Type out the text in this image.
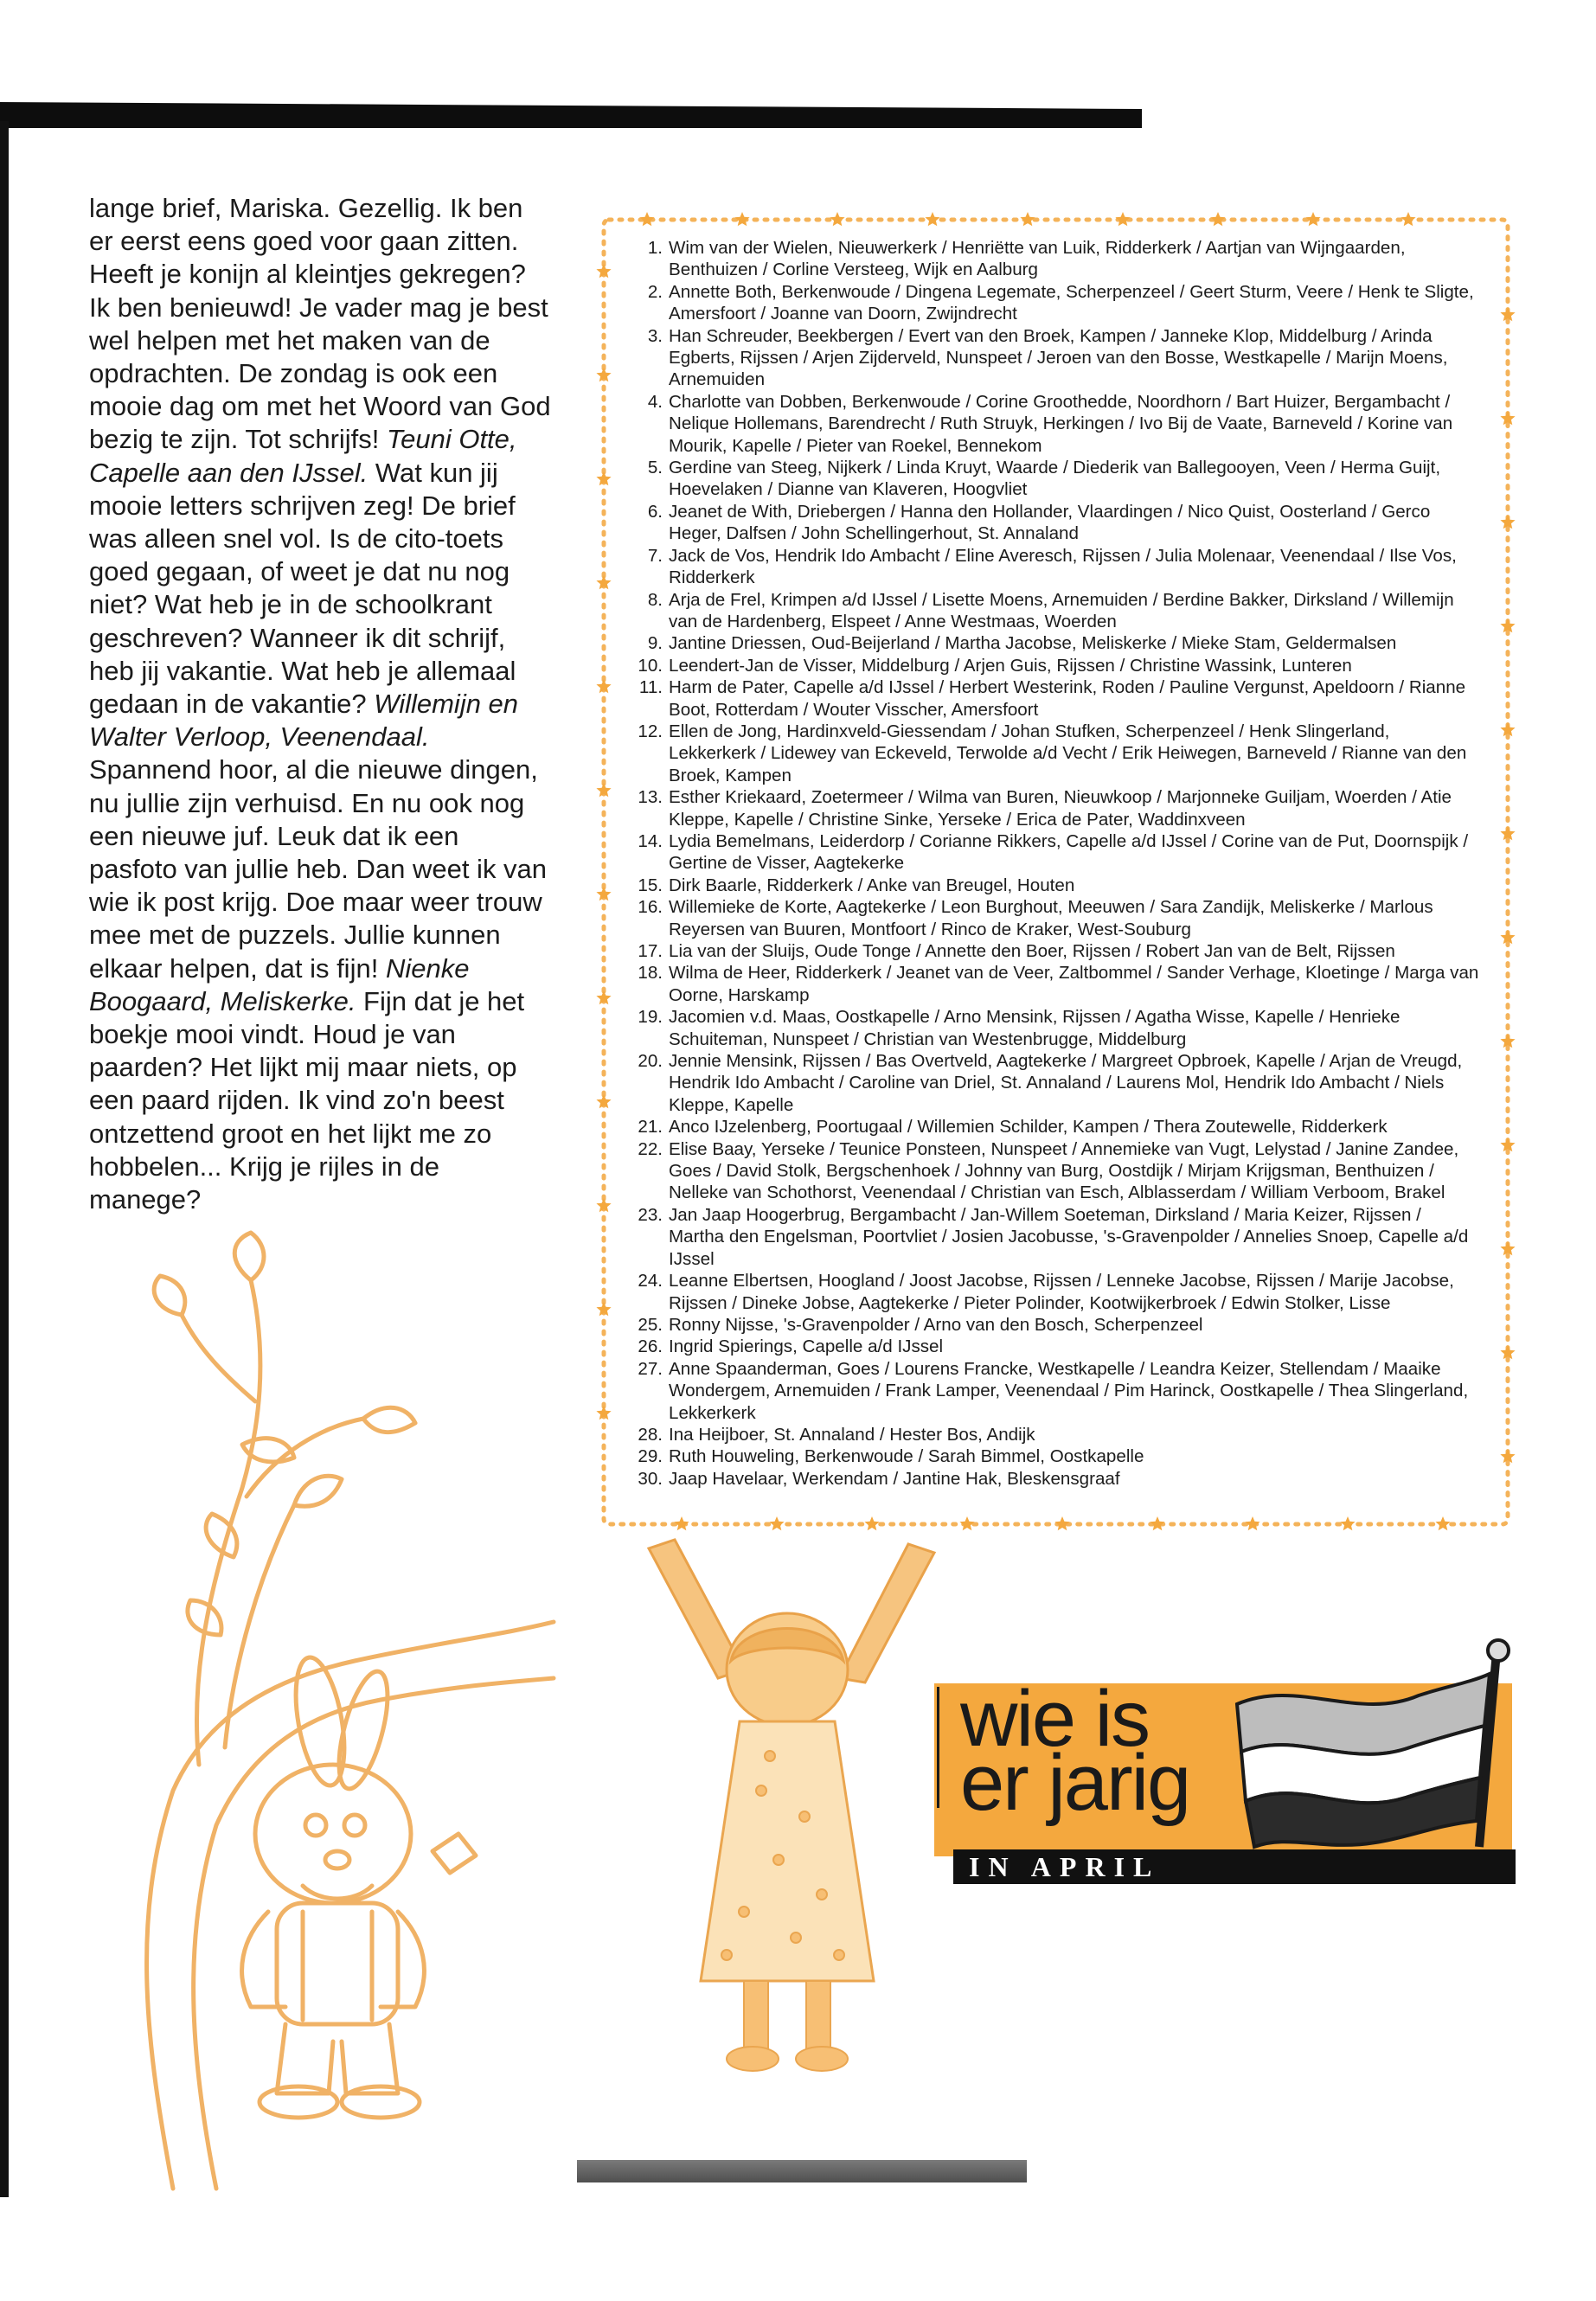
lange brief, Mariska. Gezellig. Ik ben er eerst eens goed voor gaan zitten. Heeft je konijn al kleintjes gekregen? Ik ben benieuwd! Je vader mag je best wel helpen met het maken van de opdrachten. De zondag is ook een mooie dag om met het Woord van God bezig te zijn. Tot schrijfs! Teuni Otte, Capelle aan den IJssel. Wat kun jij mooie letters schrijven zeg! De brief was alleen snel vol. Is de cito-toets goed gegaan, of weet je dat nu nog niet? Wat heb je in de schoolkrant geschreven? Wanneer ik dit schrijf, heb jij vakantie. Wat heb je allemaal gedaan in de vakantie? Willemijn en Walter Verloop, Veenendaal. Spannend hoor, al die nieuwe dingen, nu jullie zijn verhuisd. En nu ook nog een nieuwe juf. Leuk dat ik een pasfoto van jullie heb. Dan weet ik van wie ik post krijg. Doe maar weer trouw mee met de puzzels. Jullie kunnen elkaar helpen, dat is fijn! Nienke Boogaard, Meliskerke. Fijn dat je het boekje mooi vindt. Houd je van paarden? Het lijkt mij maar niets, op een paard rijden. Ik vind zo'n beest ontzettend groot en het lijkt me zo hobbelen... Krijg je rijles in de manege?

1. Wim van der Wielen, Nieuwerkerk / Henriëtte van Luik, Ridderkerk / Aartjan van Wijngaarden, Benthuizen / Corline Versteeg, Wijk en Aalburg
2. Annette Both, Berkenwoude / Dingena Legemate, Scherpenzeel / Geert Sturm, Veere / Henk te Sligte, Amersfoort / Joanne van Doorn, Zwijndrecht
3. Han Schreuder, Beekbergen / Evert van den Broek, Kampen / Janneke Klop, Middelburg / Arinda Egberts, Rijssen / Arjen Zijderveld, Nunspeet / Jeroen van den Bosse, Westkapelle / Marijn Moens, Arnemuiden
4. Charlotte van Dobben, Berkenwoude / Corine Groothedde, Noordhorn / Bart Huizer, Bergambacht / Nelique Hollemans, Barendrecht / Ruth Struyk, Herkingen / Ivo Bij de Vaate, Barneveld / Korine van Mourik, Kapelle / Pieter van Roekel, Bennekom
5. Gerdine van Steeg, Nijkerk / Linda Kruyt, Waarde / Diederik van Ballegooyen, Veen / Herma Guijt, Hoevelaken / Dianne van Klaveren, Hoogvliet
6. Jeanet de With, Driebergen / Hanna den Hollander, Vlaardingen / Nico Quist, Oosterland / Gerco Heger, Dalfsen / John Schellingerhout, St. Annaland
7. Jack de Vos, Hendrik Ido Ambacht / Eline Averesch, Rijssen / Julia Molenaar, Veenendaal / Ilse Vos, Ridderkerk
8. Arja de Frel, Krimpen a/d IJssel / Lisette Moens, Arnemuiden / Berdine Bakker, Dirksland / Willemijn van de Hardenberg, Elspeet / Anne Westmaas, Woerden
9. Jantine Driessen, Oud-Beijerland / Martha Jacobse, Meliskerke / Mieke Stam, Geldermalsen
10. Leendert-Jan de Visser, Middelburg / Arjen Guis, Rijssen / Christine Wassink, Lunteren
11. Harm de Pater, Capelle a/d IJssel / Herbert Westerink, Roden / Pauline Vergunst, Apeldoorn / Rianne Boot, Rotterdam / Wouter Visscher, Amersfoort
12. Ellen de Jong, Hardinxveld-Giessendam / Johan Stufken, Scherpenzeel / Henk Slingerland, Lekkerkerk / Lidewey van Eckeveld, Terwolde a/d Vecht / Erik Heiwegen, Barneveld / Rianne van den Broek, Kampen
13. Esther Kriekaard, Zoetermeer / Wilma van Buren, Nieuwkoop / Marjonneke Guiljam, Woerden / Atie Kleppe, Kapelle / Christine Sinke, Yerseke / Erica de Pater, Waddinxveen
14. Lydia Bemelmans, Leiderdorp / Corianne Rikkers, Capelle a/d IJssel / Corine van de Put, Doornspijk / Gertine de Visser, Aagtekerke
15. Dirk Baarle, Ridderkerk / Anke van Breugel, Houten
16. Willemieke de Korte, Aagtekerke / Leon Burghout, Meeuwen / Sara Zandijk, Meliskerke / Marlous Reyersen van Buuren, Montfoort / Rinco de Kraker, West-Souburg
17. Lia van der Sluijs, Oude Tonge / Annette den Boer, Rijssen / Robert Jan van de Belt, Rijssen
18. Wilma de Heer, Ridderkerk / Jeanet van de Veer, Zaltbommel / Sander Verhage, Kloetinge / Marga van Oorne, Harskamp
19. Jacomien v.d. Maas, Oostkapelle / Arno Mensink, Rijssen / Agatha Wisse, Kapelle / Henrieke Schuiteman, Nunspeet / Christian van Westenbrugge, Middelburg
20. Jennie Mensink, Rijssen / Bas Overtveld, Aagtekerke / Margreet Opbroek, Kapelle / Arjan de Vreugd, Hendrik Ido Ambacht / Caroline van Driel, St. Annaland / Laurens Mol, Hendrik Ido Ambacht / Niels Kleppe, Kapelle
21. Anco IJzelenberg, Poortugaal / Willemien Schilder, Kampen / Thera Zoutewelle, Ridderkerk
22. Elise Baay, Yerseke / Teunice Ponsteen, Nunspeet / Annemieke van Vugt, Lelystad / Janine Zandee, Goes / David Stolk, Bergschenhoek / Johnny van Burg, Oostdijk / Mirjam Krijgsman, Benthuizen / Nelleke van Schothorst, Veenendaal / Christian van Esch, Alblasserdam / William Verboom, Brakel
23. Jan Jaap Hoogerbrug, Bergambacht / Jan-Willem Soeteman, Dirksland / Maria Keizer, Rijssen / Martha den Engelsman, Poortvliet / Josien Jacobusse, 's-Gravenpolder / Annelies Snoep, Capelle a/d IJssel
24. Leanne Elbertsen, Hoogland / Joost Jacobse, Rijssen / Lenneke Jacobse, Rijssen / Marije Jacobse, Rijssen / Dineke Jobse, Aagtekerke / Pieter Polinder, Kootwijkerbroek / Edwin Stolker, Lisse
25. Ronny Nijsse, 's-Gravenpolder / Arno van den Bosch, Scherpenzeel
26. Ingrid Spierings, Capelle a/d IJssel
27. Anne Spaanderman, Goes / Lourens Francke, Westkapelle / Leandra Keizer, Stellendam / Maaike Wondergem, Arnemuiden / Frank Lamper, Veenendaal / Pim Harinck, Oostkapelle / Thea Slingerland, Lekkerkerk
28. Ina Heijboer, St. Annaland / Hester Bos, Andijk
29. Ruth Houweling, Berkenwoude / Sarah Bimmel, Oostkapelle
30. Jaap Havelaar, Werkendam / Jantine Hak, Bleskensgraaf
wie is
er jarig
IN APRIL
